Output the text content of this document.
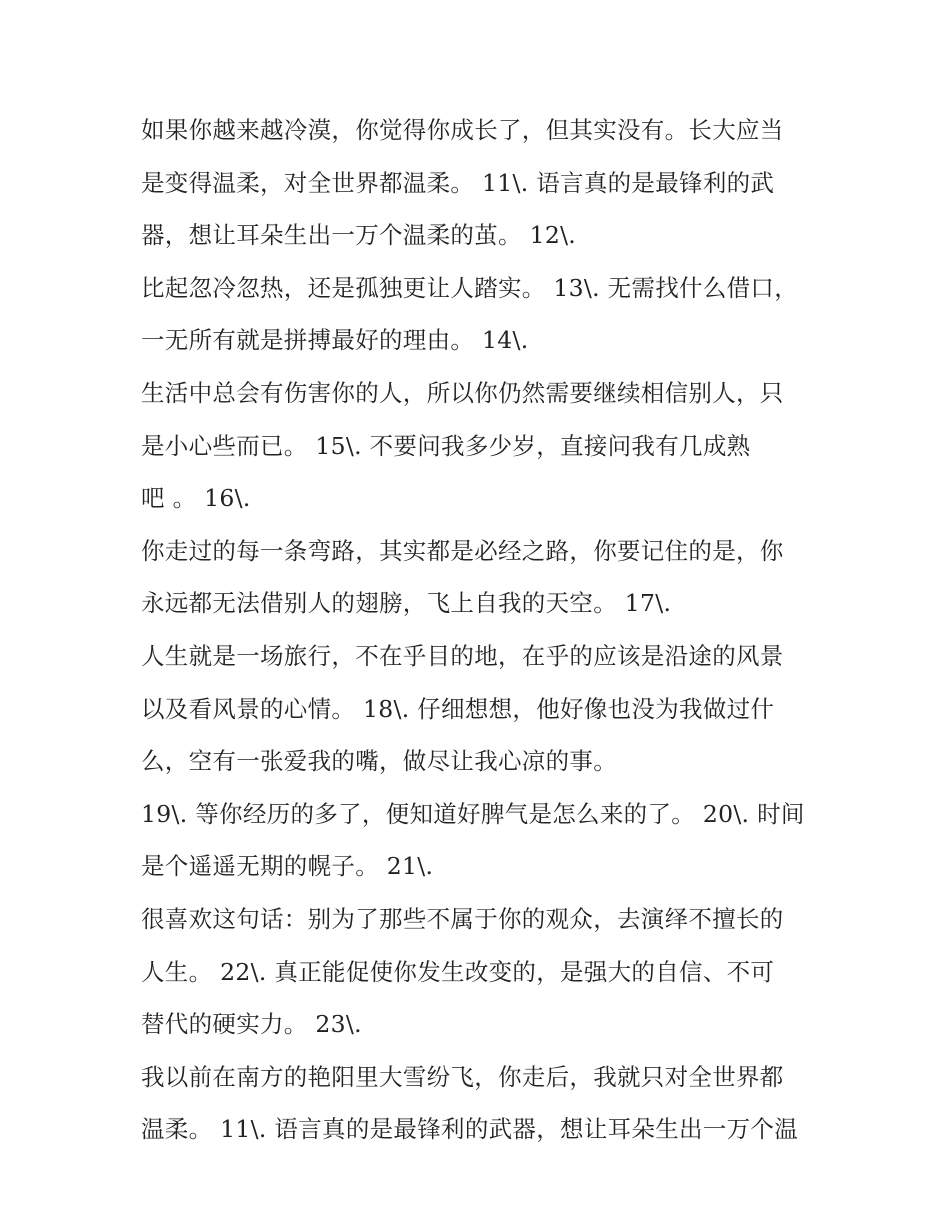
如果你越来越冷漠，你觉得你成长了，但其实没有。长大应当
是变得温柔，对全世界都温柔。 11\. 语言真的是最锋利的武
器，想让耳朵生出一万个温柔的茧。 12\.
比起忽冷忽热，还是孤独更让人踏实。 13\. 无需找什么借口，
一无所有就是拼搏最好的理由。 14\.
生活中总会有伤害你的人，所以你仍然需要继续相信别人，只
是小心些而已。 15\. 不要问我多少岁，直接问我有几成熟
吧 。 16\.
你走过的每一条弯路，其实都是必经之路，你要记住的是，你
永远都无法借别人的翅膀，飞上自我的天空。 17\.
人生就是一场旅行，不在乎目的地，在乎的应该是沿途的风景
以及看风景的心情。 18\. 仔细想想，他好像也没为我做过什
么，空有一张爱我的嘴，做尽让我心凉的事。
19\. 等你经历的多了，便知道好脾气是怎么来的了。 20\. 时间
是个遥遥无期的幌子。 21\.
很喜欢这句话：别为了那些不属于你的观众，去演绎不擅长的
人生。 22\. 真正能促使你发生改变的，是强大的自信、不可
替代的硬实力。 23\.
我以前在南方的艳阳里大雪纷飞，你走后，我就只对全世界都
温柔。 11\. 语言真的是最锋利的武器，想让耳朵生出一万个温
